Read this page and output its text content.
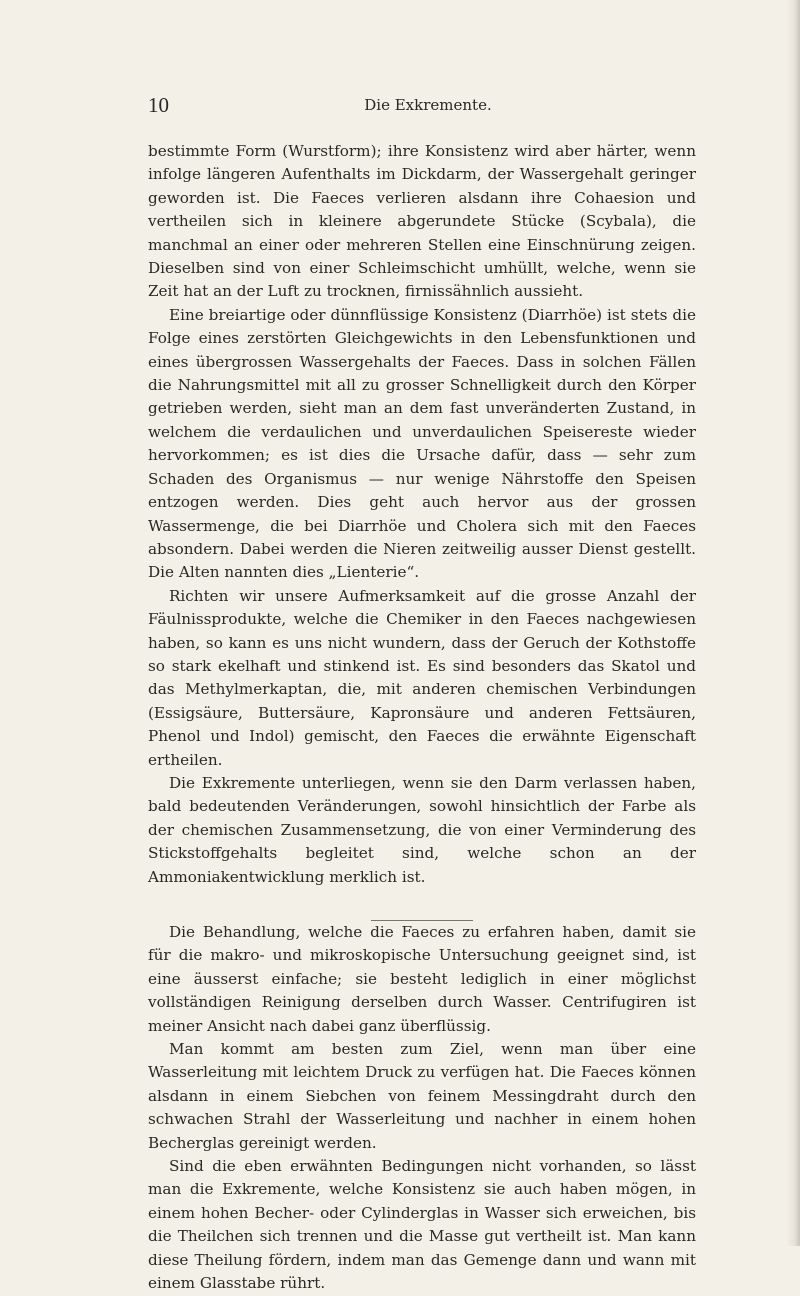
10	Die Exkremente.

bestimmte Form (Wurstform); ihre Konsistenz wird aber härter, wenn infolge längeren Aufenthalts im Dickdarm, der Wassergehalt geringer geworden ist. Die Faeces verlieren alsdann ihre Cohaesion und vertheilen sich in kleinere abgerundete Stücke (Scybala), die manchmal an einer oder mehreren Stellen eine Einschnürung zeigen. Dieselben sind von einer Schleimschicht umhüllt, welche, wenn sie Zeit hat an der Luft zu trocknen, firnissähnlich aussieht.

Eine breiartige oder dünnflüssige Konsistenz (Diarrhöe) ist stets die Folge eines zerstörten Gleichgewichts in den Lebensfunktionen und eines übergrossen Wassergehalts der Faeces. Dass in solchen Fällen die Nahrungsmittel mit all zu grosser Schnelligkeit durch den Körper getrieben werden, sieht man an dem fast unveränderten Zustand, in welchem die verdaulichen und unverdaulichen Speisereste wieder hervorkommen; es ist dies die Ursache dafür, dass — sehr zum Schaden des Organismus — nur wenige Nährstoffe den Speisen entzogen werden. Dies geht auch hervor aus der grossen Wassermenge, die bei Diarrhöe und Cholera sich mit den Faeces absondern. Dabei werden die Nieren zeitweilig ausser Dienst gestellt. Die Alten nannten dies „Lienterie“.

Richten wir unsere Aufmerksamkeit auf die grosse Anzahl der Fäulnissprodukte, welche die Chemiker in den Faeces nachgewiesen haben, so kann es uns nicht wundern, dass der Geruch der Kothstoffe so stark ekelhaft und stinkend ist. Es sind besonders das Skatol und das Methylmerkaptan, die, mit anderen chemischen Verbindungen (Essigsäure, Buttersäure, Kapronsäure und anderen Fettsäuren, Phenol und Indol) gemischt, den Faeces die erwähnte Eigenschaft ertheilen.

Die Exkremente unterliegen, wenn sie den Darm verlassen haben, bald bedeutenden Veränderungen, sowohl hinsichtlich der Farbe als der chemischen Zusammensetzung, die von einer Verminderung des Stickstoffgehalts begleitet sind, welche schon an der Ammoniakentwicklung merklich ist.

Die Behandlung, welche die Faeces zu erfahren haben, damit sie für die makro- und mikroskopische Untersuchung geeignet sind, ist eine äusserst einfache; sie besteht lediglich in einer möglichst vollständigen Reinigung derselben durch Wasser. Centrifugiren ist meiner Ansicht nach dabei ganz überflüssig.

Man kommt am besten zum Ziel, wenn man über eine Wasserleitung mit leichtem Druck zu verfügen hat. Die Faeces können alsdann in einem Siebchen von feinem Messingdraht durch den schwachen Strahl der Wasserleitung und nachher in einem hohen Becherglas gereinigt werden.

Sind die eben erwähnten Bedingungen nicht vorhanden, so lässt man die Exkremente, welche Konsistenz sie auch haben mögen, in einem hohen Becher- oder Cylinderglas in Wasser sich erweichen, bis die Theilchen sich trennen und die Masse gut vertheilt ist. Man kann diese Theilung fördern, indem man das Gemenge dann und wann mit einem Glasstabe rührt.
